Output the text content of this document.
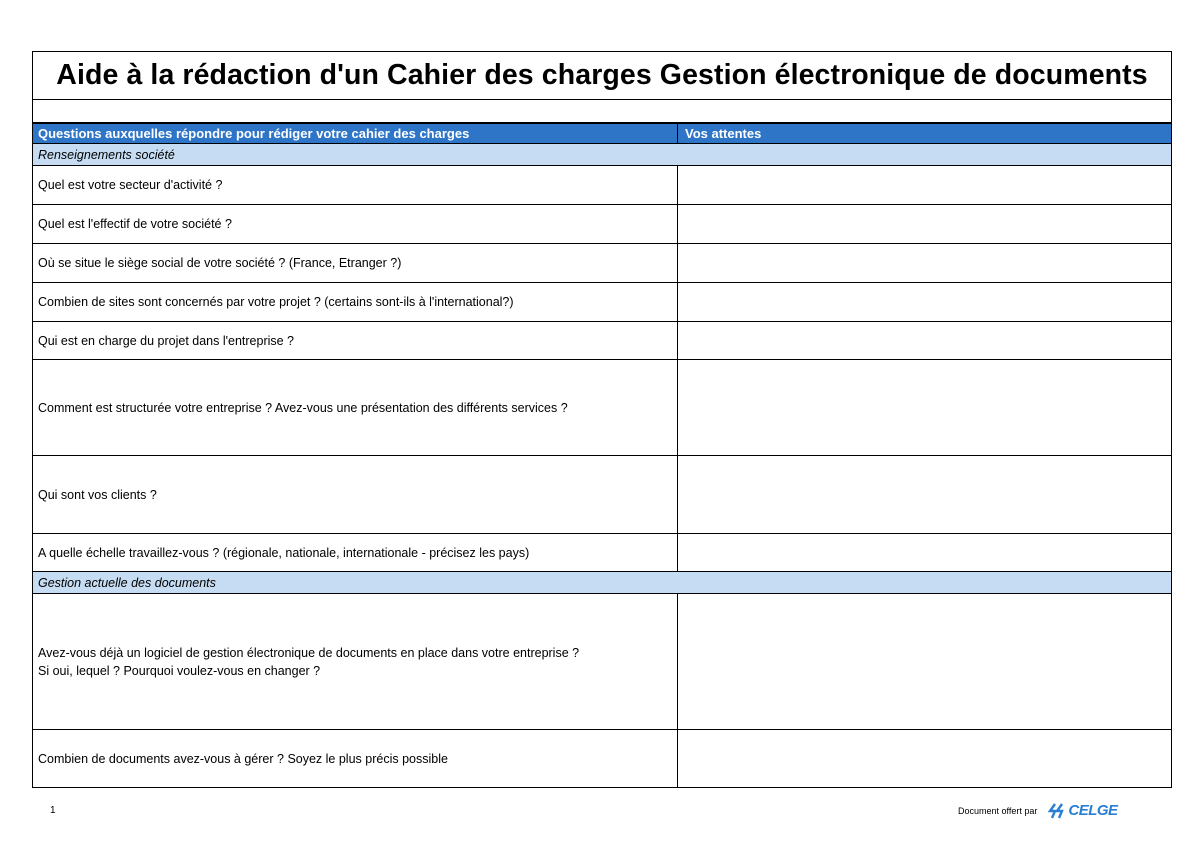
Aide à la rédaction d'un Cahier des charges Gestion électronique de documents
Questions auxquelles répondre pour rédiger votre cahier des charges	Vos attentes
Renseignements société
Quel est votre secteur d'activité ?
Quel est l'effectif de votre société ?
Où se situe le siège social de votre société ? (France, Etranger ?)
Combien de sites sont concernés par votre projet ? (certains sont-ils à l'international?)
Qui est en charge du projet dans l'entreprise ?
Comment est structurée votre entreprise ? Avez-vous une présentation des différents services ?
Qui sont vos clients ?
A quelle échelle travaillez-vous ? (régionale, nationale, internationale - précisez les pays)
Gestion actuelle des documents
Avez-vous déjà un logiciel de gestion électronique de documents en place dans votre entreprise ?
Si oui, lequel ? Pourquoi voulez-vous en changer ?
Combien de documents avez-vous à gérer ? Soyez le plus précis possible
1	Document offert par CELGE
